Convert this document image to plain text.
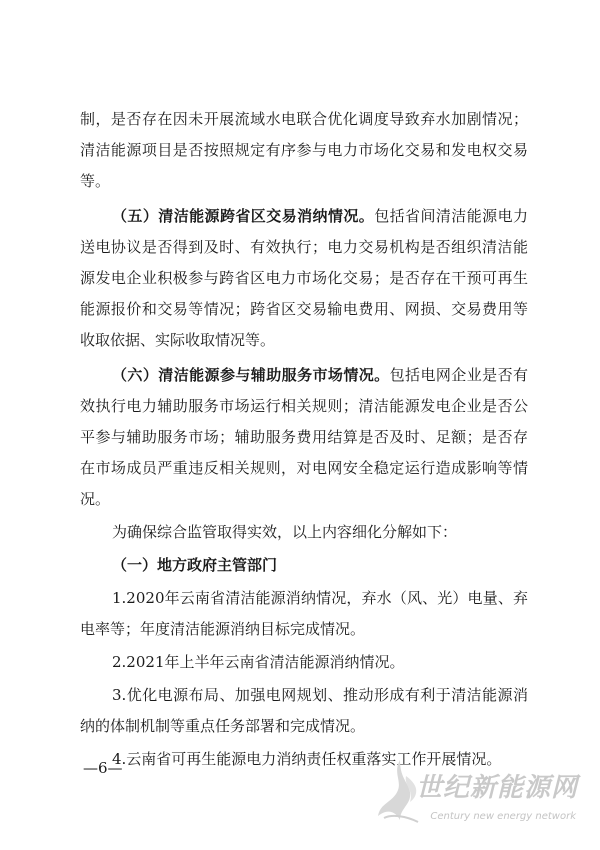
制，是否存在因未开展流域水电联合优化调度导致弃水加剧情况；清洁能源项目是否按照规定有序参与电力市场化交易和发电权交易等。

（五）清洁能源跨省区交易消纳情况。包括省间清洁能源电力送电协议是否得到及时、有效执行；电力交易机构是否组织清洁能源发电企业积极参与跨省区电力市场化交易；是否存在干预可再生能源报价和交易等情况；跨省区交易输电费用、网损、交易费用等收取依据、实际收取情况等。

（六）清洁能源参与辅助服务市场情况。包括电网企业是否有效执行电力辅助服务市场运行相关规则；清洁能源发电企业是否公平参与辅助服务市场；辅助服务费用结算是否及时、足额；是否存在市场成员严重违反相关规则，对电网安全稳定运行造成影响等情况。

为确保综合监管取得实效，以上内容细化分解如下：

（一）地方政府主管部门

1.2020年云南省清洁能源消纳情况，弃水（风、光）电量、弃电率等；年度清洁能源消纳目标完成情况。

2.2021年上半年云南省清洁能源消纳情况。

3.优化电源布局、加强电网规划、推动形成有利于清洁能源消纳的体制机制等重点任务部署和完成情况。

4.云南省可再生能源电力消纳责任权重落实工作开展情况。

—6—
世纪新能源网
Century new energy network
